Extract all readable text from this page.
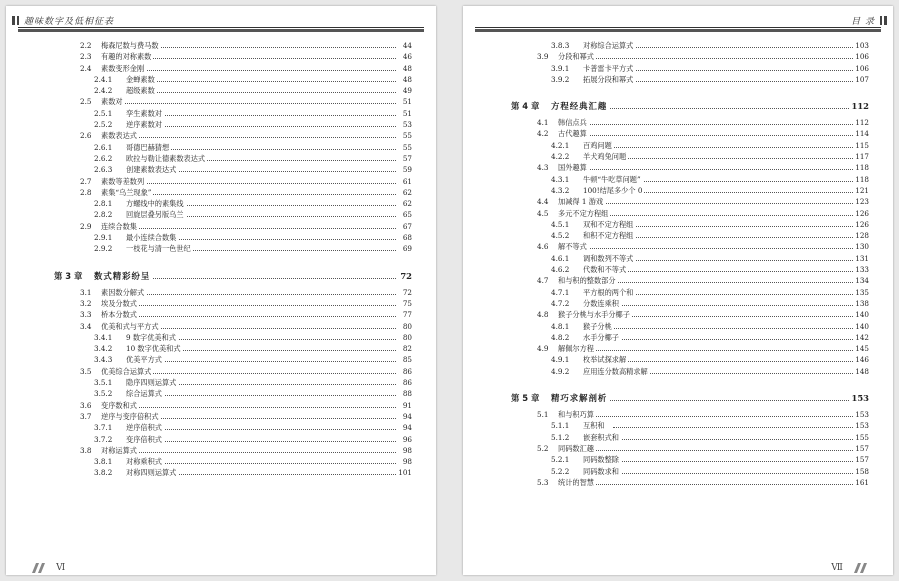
趣味数字及低相征表
2.2 梅森尼数与费马数	44
2.3 有趣的对称素数	46
2.4 素数变形金刚	48
2.4.1 金蝉素数	48
2.4.2 超级素数	49
2.5 素数对	51
2.5.1 孪生素数对	51
2.5.2 逆序素数对	53
2.6 素数表达式	55
2.6.1 哥德巴赫猜想	55
2.6.2 欧拉与勒让德素数表达式	57
2.6.3 创建素数表达式	59
2.7 素数等差数列	61
2.8 素集“乌兰现象”	62
2.8.1 方螺线中的素集线	62
2.8.2 回旋层叠另版乌兰	65
2.9 连续合数集	67
2.9.1 最小连续合数集	68
2.9.2 一枝花与清一色世纪	69
第 3 章 数式精彩纷呈	72
3.1 素因数分解式	72
3.2 埃及分数式	75
3.3 桥本分数式	77
3.4 优美和式与平方式	80
3.4.1 9 数字优美和式	80
3.4.2 10 数字优美和式	82
3.4.3 优美平方式	85
3.5 优美综合运算式	86
3.5.1 隐序四则运算式	86
3.5.2 综合运算式	88
3.6 变序数和式	91
3.7 逆序与变序倍积式	94
3.7.1 逆序倍积式	94
3.7.2 变序倍积式	96
3.8 对称运算式	98
3.8.1 对称乘积式	98
3.8.2 对称四则运算式	101
Ⅵ
目 录
3.8.3 对称综合运算式	103
3.9 分段和幂式	106
3.9.1 卡普雷卡平方式	106
3.9.2 拓展分段和幂式	107
第 4 章 方程经典汇趣	112
4.1 韩信点兵	112
4.2 古代趣算	114
4.2.1 百鸡问题	115
4.2.2 羊犬鸡兔问题	117
4.3 国外趣算	118
4.3.1 牛顿“牛吃草问题”	118
4.3.2 100!结尾多少个 0	121
4.4 加减得 1 游戏	123
4.5 多元不定方程组	126
4.5.1 双和不定方程组	126
4.5.2 和积不定方程组	128
4.6 解不等式	130
4.6.1 调和数列不等式	131
4.6.2 代数和不等式	133
4.7 和与积的整数部分	134
4.7.1 平方根的两个和	135
4.7.2 分数连乘积	138
4.8 猴子分桃与水手分椰子	140
4.8.1 猴子分桃	140
4.8.2 水手分椰子	142
4.9 解佩尔方程	145
4.9.1 枚举试探求解	146
4.9.2 应用连分数高精求解	148
第 5 章 精巧求解剖析	153
5.1 和与积巧算	153
5.1.1 互积和	153
5.1.2 嵌套积式和	155
5.2 同码数汇趣	157
5.2.1 同码数整除	157
5.2.2 同码数求和	158
5.3 统计的智慧	161
Ⅶ
